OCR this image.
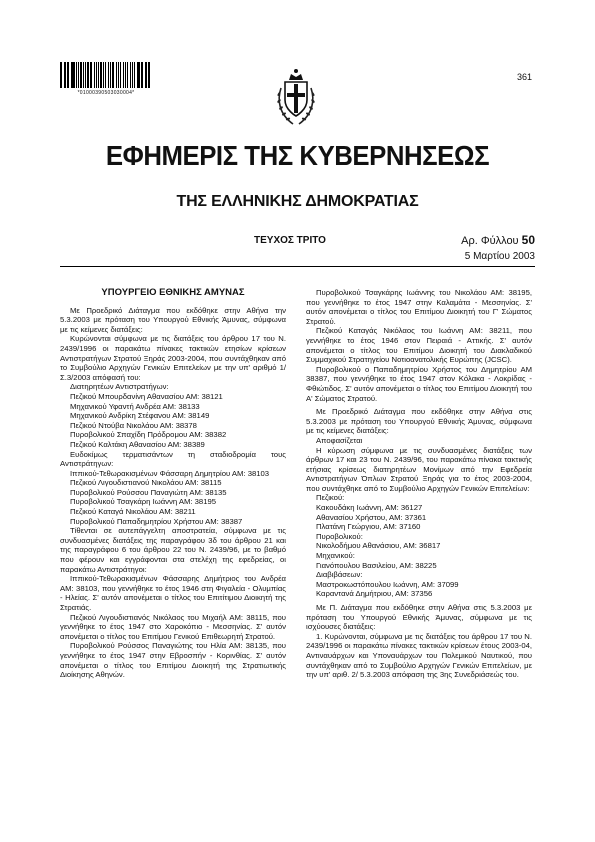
*01000390503030004*
361
ΕΦΗΜΕΡΙΣ ΤΗΣ ΚΥΒΕΡΝΗΣΕΩΣ
ΤΗΣ ΕΛΛΗΝΙΚΗΣ ΔΗΜΟΚΡΑΤΙΑΣ
ΤΕΥΧΟΣ ΤΡΙΤΟ	Αρ. Φύλλου 50
5 Μαρτίου 2003

ΥΠΟΥΡΓΕΙΟ ΕΘΝΙΚΗΣ ΑΜΥΝΑΣ

Με Προεδρικό Διάταγμα που εκδόθηκε στην Αθήνα την 5.3.2003 με πρόταση του Υπουργού Εθνικής Άμυνας, σύμφωνα με τις κείμενες διατάξεις:

Κυρώνονται σύμφωνα με τις διατάξεις του άρθρου 17 του Ν. 2439/1996 οι παρακάτω πίνακες τακτικών ετησίων κρίσεων Αντιστρατήγων Στρατού Ξηράς 2003-2004, που συντάχθηκαν από το Συμβούλιο Αρχηγών Γενικών Επιτελείων με την υπ' αριθμό 1/Σ.3/2003 απόφασή του:

Διατηρητέων Αντιστρατήγων:

Πεζικού Μπουρδανίνη Αθανασίου ΑΜ: 38121

Μηχανικού Υφαντή Ανδρέα ΑΜ: 38133

Μηχανικού Ανδρίκη Στέφανου ΑΜ: 38149

Πεζικού Ντούβα Νικολάου ΑΜ: 38378

Πυροβολικού Σπαχίδη Πρόδρομου ΑΜ: 38382

Πεζικού Καλτάκη Αθανασίου ΑΜ: 38389

Ευδοκίμως τερματισάντων τη σταδιοδρομία τους Αντιστράτηγων:

Ιππικού-Τεθωρακισμένων Φάσσαρη Δημητρίου ΑΜ: 38103

Πεζικού Λιγουδιστιανού Νικολάου ΑΜ: 38115

Πυροβολικού Ρούσσου Παναγιώτη ΑΜ: 38135

Πυροβολικού Τσαγκάρη Ιωάννη ΑΜ: 38195

Πεζικού Καταγά Νικολάου ΑΜ: 38211

Πυροβολικού Παπαδημητρίου Χρήστου ΑΜ: 38387

Τίθενται σε αυτεπάγγελτη αποστρατεία, σύμφωνα με τις συνδυασμένες διατάξεις της παραγράφου 3δ του άρθρου 21 και της παραγράφου 6 του άρθρου 22 του Ν. 2439/96, με το βαθμό που φέρουν και εγγράφονται στα στελέχη της εφεδρείας, οι παρακάτω Αντιστράτηγοι:

Ιππικού-Τεθωρακισμένων Φάσσαρης Δημήτριος του Ανδρέα ΑΜ: 38103, που γεννήθηκε το έτος 1946 στη Φιγαλεία - Ολυμπίας - Ηλείας. Σ' αυτόν απονέμεται ο τίτλος του Επιτίτιμου Διοικητή της Στρατιάς.

Πεζικού Λιγουδιστιανός Νικόλαος του Μιχαήλ ΑΜ: 38115, που γεννήθηκε το έτος 1947 στο Χαροκόπιο - Μεσσηνίας. Σ' αυτόν απονέμεται ο τίτλος του Επιτίμου Γενικού Επιθεωρητή Στρατού.

Πυροβολικού Ρούσσος Παναγιώτης του Ηλία ΑΜ: 38135, που γεννήθηκε το έτος 1947 στην Εβροσπήν - Κορινθίας. Σ' αυτόν απονέμεται ο τίτλος του Επιτίμου Διοικητή της Στρατιωτικής Διοίκησης Αθηνών.

Πυροβολικού Τσαγκάρης Ιωάννης του Νικολάου ΑΜ: 38195, που γεννήθηκε το έτος 1947 στην Καλαμάτα - Μεσσηνίας. Σ' αυτόν απονέμεται ο τίτλος του Επιτίμου Διοικητή του Γ' Σώματος Στρατού.

Πεζικού Καταγάς Νικόλαος του Ιωάννη ΑΜ: 38211, που γεννήθηκε το έτος 1946 στον Πειραιά - Αττικής. Σ' αυτόν απονέμεται ο τίτλος του Επιτίμου Διοικητή του Διακλαδικού Συμμαχικού Στρατηγείου Νοτιοανατολικής Ευρώπης (JCSC).

Πυροβολικού ο Παπαδημητρίου Χρήστος του Δημητρίου ΑΜ 38387, που γεννήθηκε το έτος 1947 στον Κόλακα - Λοκρίδας - Φθιώτιδος. Σ' αυτόν απονέμεται ο τίτλος του Επιτίμου Διοικητή του Α' Σώματος Στρατού.

Με Προεδρικό Διάταγμα που εκδόθηκε στην Αθήνα στις 5.3.2003 με πρόταση του Υπουργού Εθνικής Άμυνας, σύμφωνα με τις κείμενες διατάξεις:

Αποφασίζεται

Η κύρωση σύμφωνα με τις συνδυασμένες διατάξεις των άρθρων 17 και 23 του Ν. 2439/96, του παρακάτω πίνακα τακτικής ετήσιας κρίσεως διατηρητέων Μονίμων από την Εφεδρεία Αντιστρατήγων Όπλων Στρατού Ξηράς για το έτος 2003-2004, που συντάχθηκε από το Συμβούλιο Αρχηγών Γενικών Επιτελείων:

Πεζικού:

Κακουδάκη Ιωάννη, ΑΜ: 36127

Αθανασίου Χρήστου, ΑΜ: 37361

Πλατάνη Γεώργιου, ΑΜ: 37160

Πυροβολικού:

Νικολοδήμου Αθανάσιου, ΑΜ: 36817

Μηχανικού:

Γιανόπουλου Βασιλείου, ΑΜ: 38225

Διαβιβάσεων:

Μαστροκωστόπουλου Ιωάννη, ΑΜ: 37099

Καραντανά Δημήτριου, ΑΜ: 37356

Με Π. Διάταγμα που εκδόθηκε στην Αθήνα στις 5.3.2003 με πρόταση του Υπουργού Εθνικής Άμυνας, σύμφωνα με τις ισχύουσες διατάξεις:

1. Κυρώνονται, σύμφωνα με τις διατάξεις του άρθρου 17 του Ν. 2439/1996 οι παρακάτω πίνακες τακτικών κρίσεων έτους 2003-04, Αντιναυάρχων και Υποναυάρχων του Πολεμικού Ναυτικού, που συντάχθηκαν από το Συμβούλιο Αρχηγών Γενικών Επιτελείων, με την υπ' αριθ. 2/ 5.3.2003 απόφαση της 3ης Συνεδριάσεώς του.
